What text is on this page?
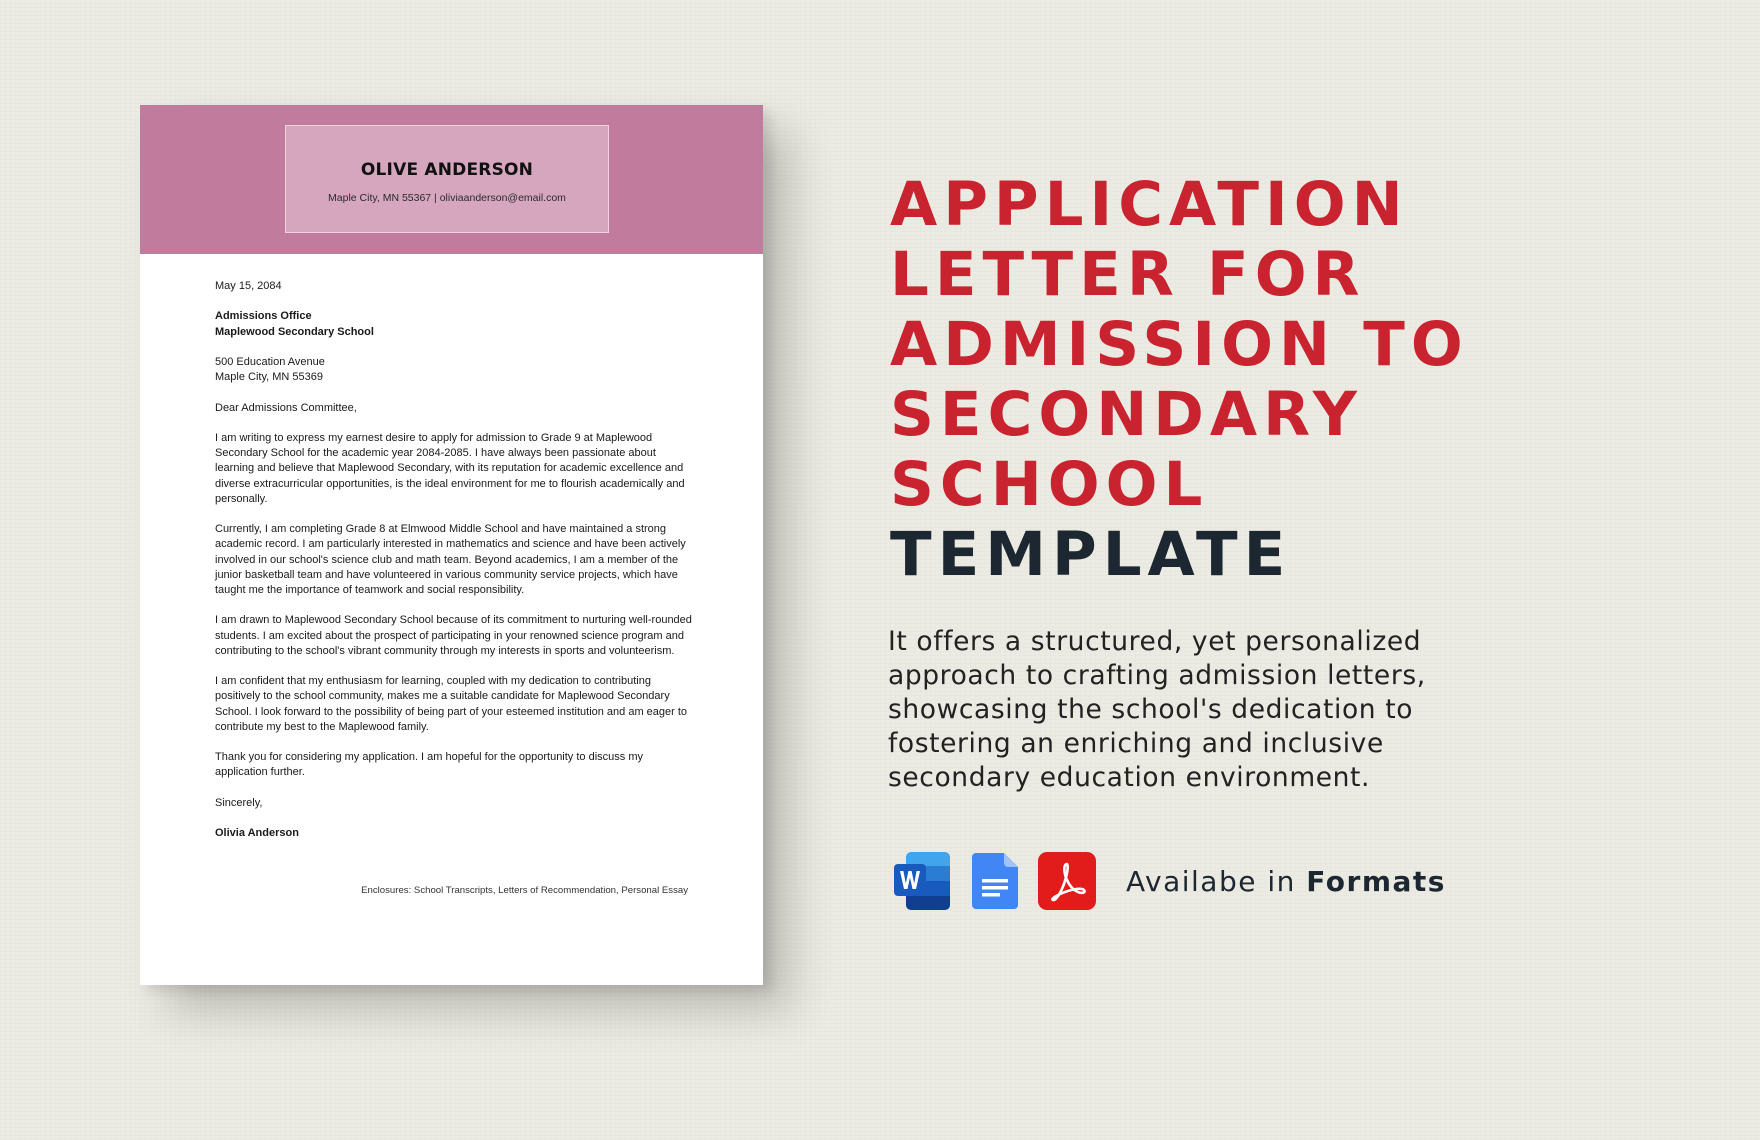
OLIVE ANDERSON
Maple City, MN 55367 | oliviaanderson@email.com

May 15, 2084

Admissions Office
Maplewood Secondary School

500 Education Avenue
Maple City, MN 55369

Dear Admissions Committee,

I am writing to express my earnest desire to apply for admission to Grade 9 at Maplewood Secondary School for the academic year 2084-2085. I have always been passionate about learning and believe that Maplewood Secondary, with its reputation for academic excellence and diverse extracurricular opportunities, is the ideal environment for me to flourish academically and personally.

Currently, I am completing Grade 8 at Elmwood Middle School and have maintained a strong academic record. I am particularly interested in mathematics and science and have been actively involved in our school's science club and math team. Beyond academics, I am a member of the junior basketball team and have volunteered in various community service projects, which have taught me the importance of teamwork and social responsibility.

I am drawn to Maplewood Secondary School because of its commitment to nurturing well-rounded students. I am excited about the prospect of participating in your renowned science program and contributing to the school's vibrant community through my interests in sports and volunteerism.

I am confident that my enthusiasm for learning, coupled with my dedication to contributing positively to the school community, makes me a suitable candidate for Maplewood Secondary School. I look forward to the possibility of being part of your esteemed institution and am eager to contribute my best to the Maplewood family.

Thank you for considering my application. I am hopeful for the opportunity to discuss my application further.

Sincerely,

Olivia Anderson

Enclosures: School Transcripts, Letters of Recommendation, Personal Essay
APPLICATION
LETTER FOR
ADMISSION TO
SECONDARY
SCHOOL
TEMPLATE
It offers a structured, yet personalized approach to crafting admission letters, showcasing the school's dedication to fostering an enriching and inclusive secondary education environment.
Availabe in Formats
